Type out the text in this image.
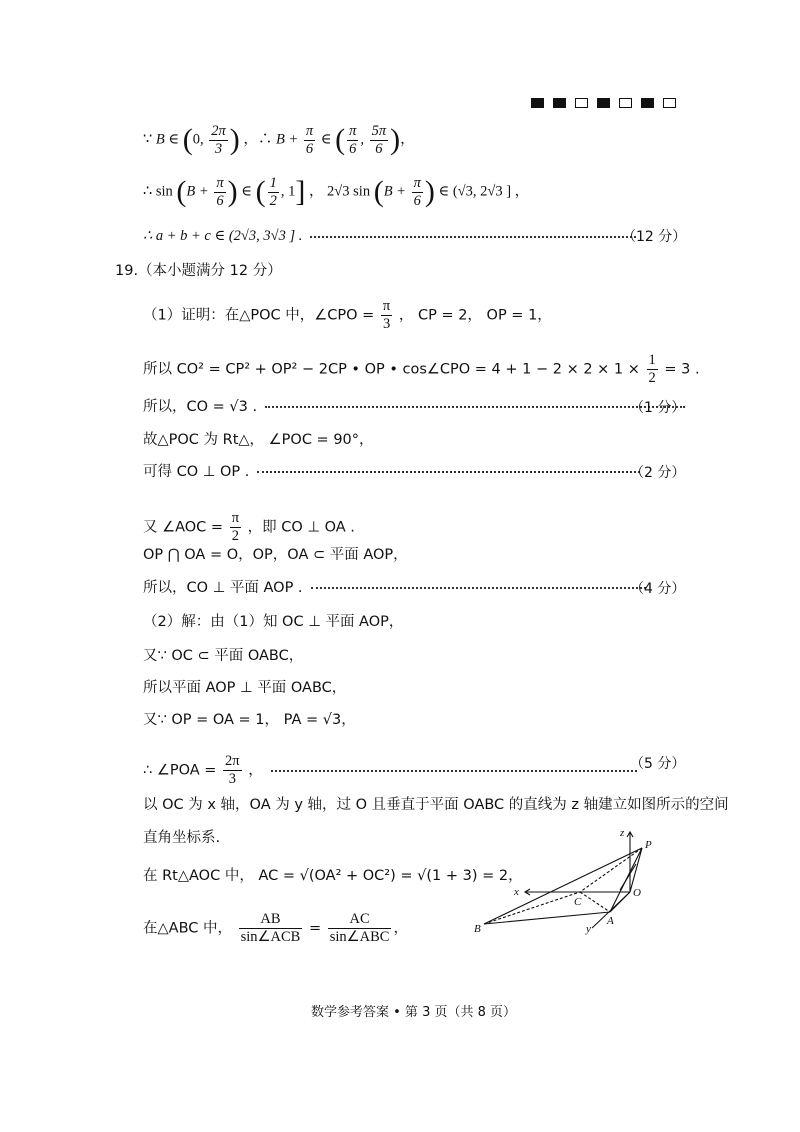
∵ B ∈ (0, $\frac{2\pi}{3}$ ) ，∴ $B + \frac{\pi}{6}$ ∈ ( $\frac{\pi}{6}$ , $\frac{5\pi}{6}$ )，
∴ $\sin (B + \frac{\pi}{6}$ ) ∈ ( $\frac{1}{2}$ , 1] ， 2√3 $\sin (B + \frac{\pi}{6}$ ) ∈ (√3, 2√3 ] ，
∴ a + b + c ∈ (2√3, 3√3 ] .	（12 分）
19.（本小题满分 12 分）
（1）证明：在△POC 中，∠CPO = $\frac{\pi}{3}$ ， CP = 2， OP = 1，
所以 CO² = CP² + OP² − 2CP • OP • cos∠CPO = $4 + 1 - 2 \times 2 \times 1 \times \frac{1}{2} = 3$ .
所以，CO = √3 .	（1 分）
故△POC 为 Rt△， ∠POC = 90°，
可得 CO ⊥ OP .	（2 分）
又 ∠AOC = $\frac{\pi}{2}$ ，即 CO ⊥ OA .
OP ⋂ OA = O，OP，OA ⊂ 平面 AOP，
所以，CO ⊥ 平面 AOP .	（4 分）
（2）解：由（1）知 OC ⊥ 平面 AOP，
又∵ OC ⊂ 平面 OABC，
所以平面 AOP ⊥ 平面 OABC，
又∵ OP = OA = 1， PA = √3，
∴ ∠POA = $\frac{2\pi}{3}$ ，	（5 分）
以 OC 为 x 轴，OA 为 y 轴，过 O 且垂直于平面 OABC 的直线为 z 轴建立如图所示的空间
直角坐标系.
在 Rt△AOC 中， AC = √(OA² + OC²) = √(1 + 3) = 2，
在△ABC 中， $\frac{AB}{\text{sin∠ACB}} = \frac{AC}{\text{sin∠ABC}}$ ，
z
P
x	O
C
A
B	y
数学参考答案 • 第 3 页（共 8 页）
